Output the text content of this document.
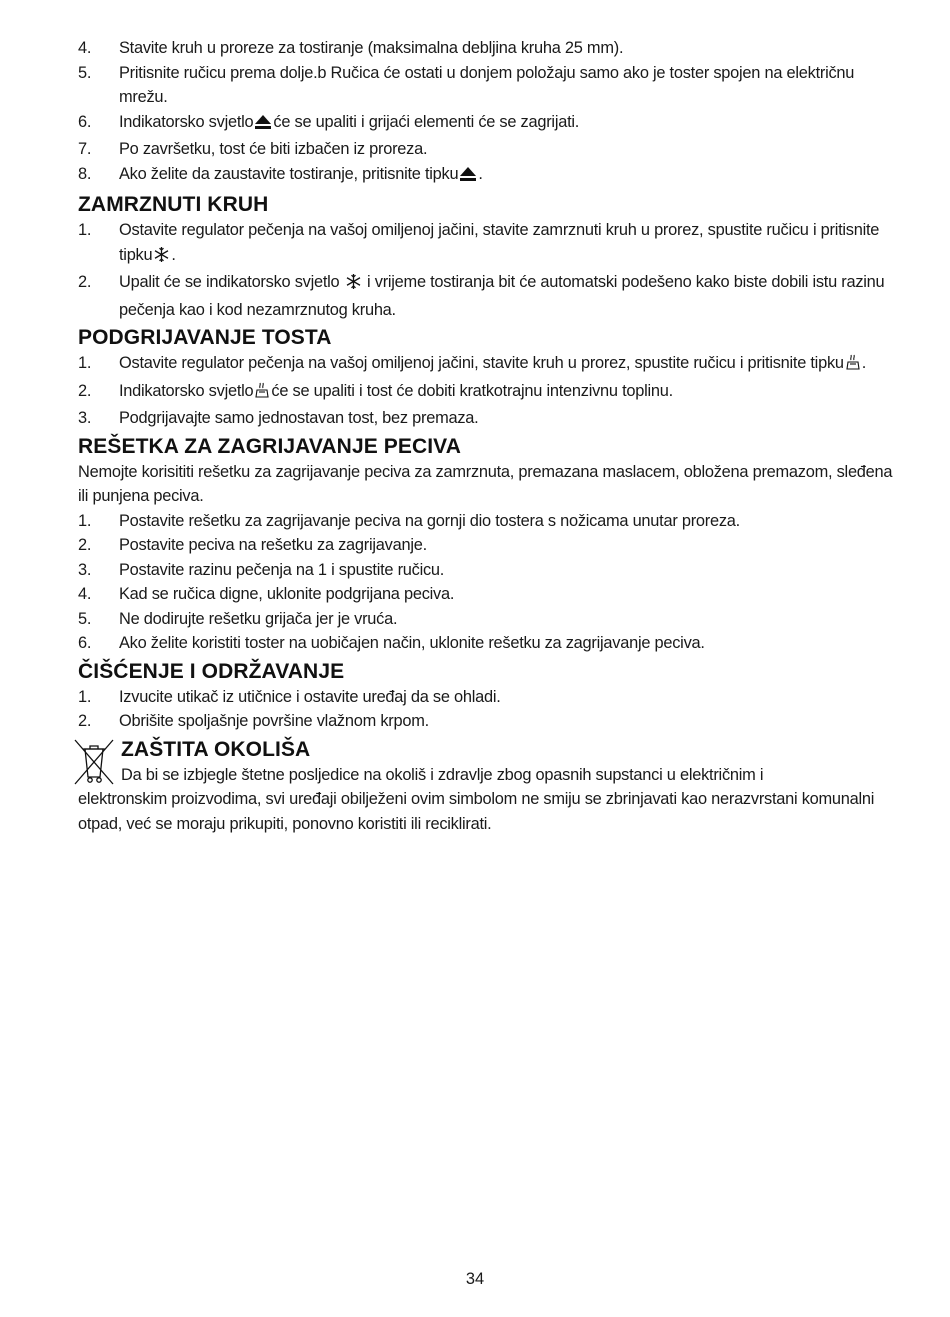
4. Stavite kruh u proreze za tostiranje (maksimalna debljina kruha 25 mm).
5. Pritisnite ručicu prema dolje.b Ručica će ostati u donjem položaju samo ako je toster spojen na električnu mrežu.
6. Indikatorsko svjetlo će se upaliti i grijaći elementi će se zagrijati.
7. Po završetku, tost će biti izbačen iz proreza.
8. Ako želite da zaustavite tostiranje, pritisnite tipku .
ZAMRZNUTI KRUH
1. Ostavite regulator pečenja na vašoj omiljenoj jačini, stavite zamrznuti kruh u prorez, spustite ručicu i pritisnite tipku .
2. Upalit će se indikatorsko svjetlo i vrijeme tostiranja bit će automatski podešeno kako biste dobili istu razinu pečenja kao i kod nezamrznutog kruha.
PODGRIJAVANJE TOSTA
1. Ostavite regulator pečenja na vašoj omiljenoj jačini, stavite kruh u prorez, spustite ručicu i pritisnite tipku .
2. Indikatorsko svjetlo će se upaliti i tost će dobiti kratkotrajnu intenzivnu toplinu.
3. Podgrijavajte samo jednostavan tost, bez premaza.
REŠETKA ZA ZAGRIJAVANJE PECIVA
Nemojte korisititi rešetku za zagrijavanje peciva za zamrznuta, premazana maslacem, obložena premazom, sleđena ili punjena peciva.
1. Postavite rešetku za zagrijavanje peciva na gornji dio tostera s nožicama unutar proreza.
2. Postavite peciva na rešetku za zagrijavanje.
3. Postavite razinu pečenja na 1 i spustite ručicu.
4. Kad se ručica digne, uklonite podgrijana peciva.
5. Ne dodirujte rešetku grijača jer je vruća.
6. Ako želite koristiti toster na uobičajen način, uklonite rešetku za zagrijavanje peciva.
ČIŠĆENJE I ODRŽAVANJE
1. Izvucite utikač iz utičnice i ostavite uređaj da se ohladi.
2. Obrišite spoljašnje površine vlažnom krpom.
ZAŠTITA OKOLIŠA
Da bi se izbjegle štetne posljedice na okoliš i zdravlje zbog opasnih supstanci u električnim i
elektronskim proizvodima, svi uređaji obilježeni ovim simbolom ne smiju se zbrinjavati kao nerazvrstani komunalni otpad, već se moraju prikupiti, ponovno koristiti ili reciklirati.
34
